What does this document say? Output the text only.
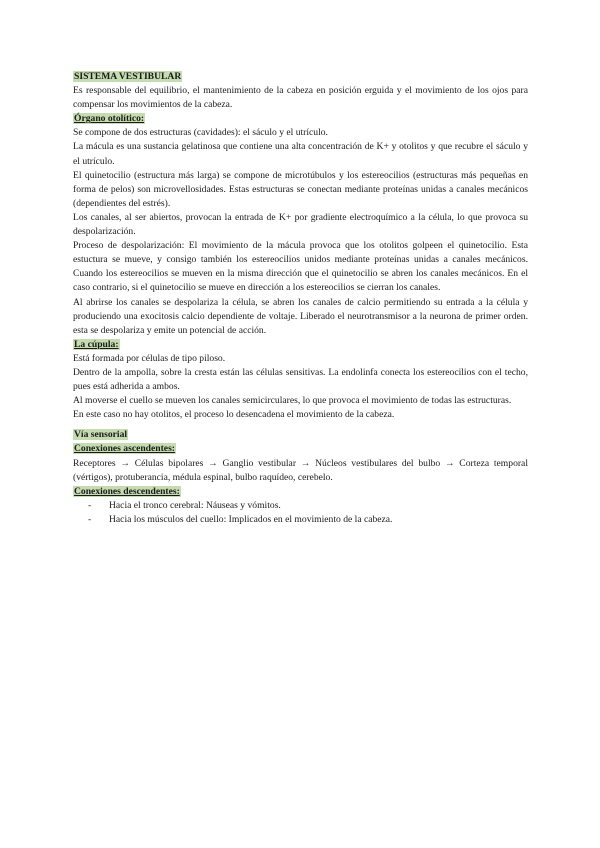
SISTEMA VESTIBULAR

Es responsable del equilibrio, el mantenimiento de la cabeza en posición erguida y el movimiento de los ojos para compensar los movimientos de la cabeza.

Órgano otolítico:

Se compone de dos estructuras (cavidades): el sáculo y el utrículo.

La mácula es una sustancia gelatinosa que contiene una alta concentración de K+ y otolitos y que recubre el sáculo y el utrículo.

El quinetocilio (estructura más larga) se compone de microtúbulos y los estereocilios (estructuras más pequeñas en forma de pelos) son microvellosidades. Estas estructuras se conectan mediante proteínas unidas a canales mecánicos (dependientes del estrés).

Los canales, al ser abiertos, provocan la entrada de K+ por gradiente electroquímico a la célula, lo que provoca su despolarización.

Proceso de despolarización: El movimiento de la mácula provoca que los otolitos golpeen el quinetocilio. Esta estuctura se mueve, y consigo también los estereocilios unidos mediante proteínas unidas a canales mecánicos. Cuando los estereocilios se mueven en la misma dirección que el quinetocilio se abren los canales mecánicos. En el caso contrario, si el quinetocilio se mueve en dirección a los estereocilios se cierran los canales.

Al abrirse los canales se despolariza la célula, se abren los canales de calcio permitiendo su entrada a la célula y produciendo una exocitosis calcio dependiente de voltaje. Liberado el neurotransmisor a la neurona de primer orden. esta se despolariza y emite un potencial de acción.

La cúpula:

Está formada por células de tipo piloso.

Dentro de la ampolla, sobre la cresta están las células sensitivas. La endolinfa conecta los estereocilios con el techo, pues está adherida a ambos.

Al moverse el cuello se mueven los canales semicirculares, lo que provoca el movimiento de todas las estructuras.

En este caso no hay otolitos, el proceso lo desencadena el movimiento de la cabeza.

Vía sensorial

Conexiones ascendentes:

Receptores → Células bipolares → Ganglio vestibular → Núcleos vestibulares del bulbo → Corteza temporal (vértigos), protuberancia, médula espinal, bulbo raquídeo, cerebelo.

Conexiones descendentes:

-	Hacia el tronco cerebral: Náuseas y vómitos.
-	Hacia los músculos del cuello: Implicados en el movimiento de la cabeza.
